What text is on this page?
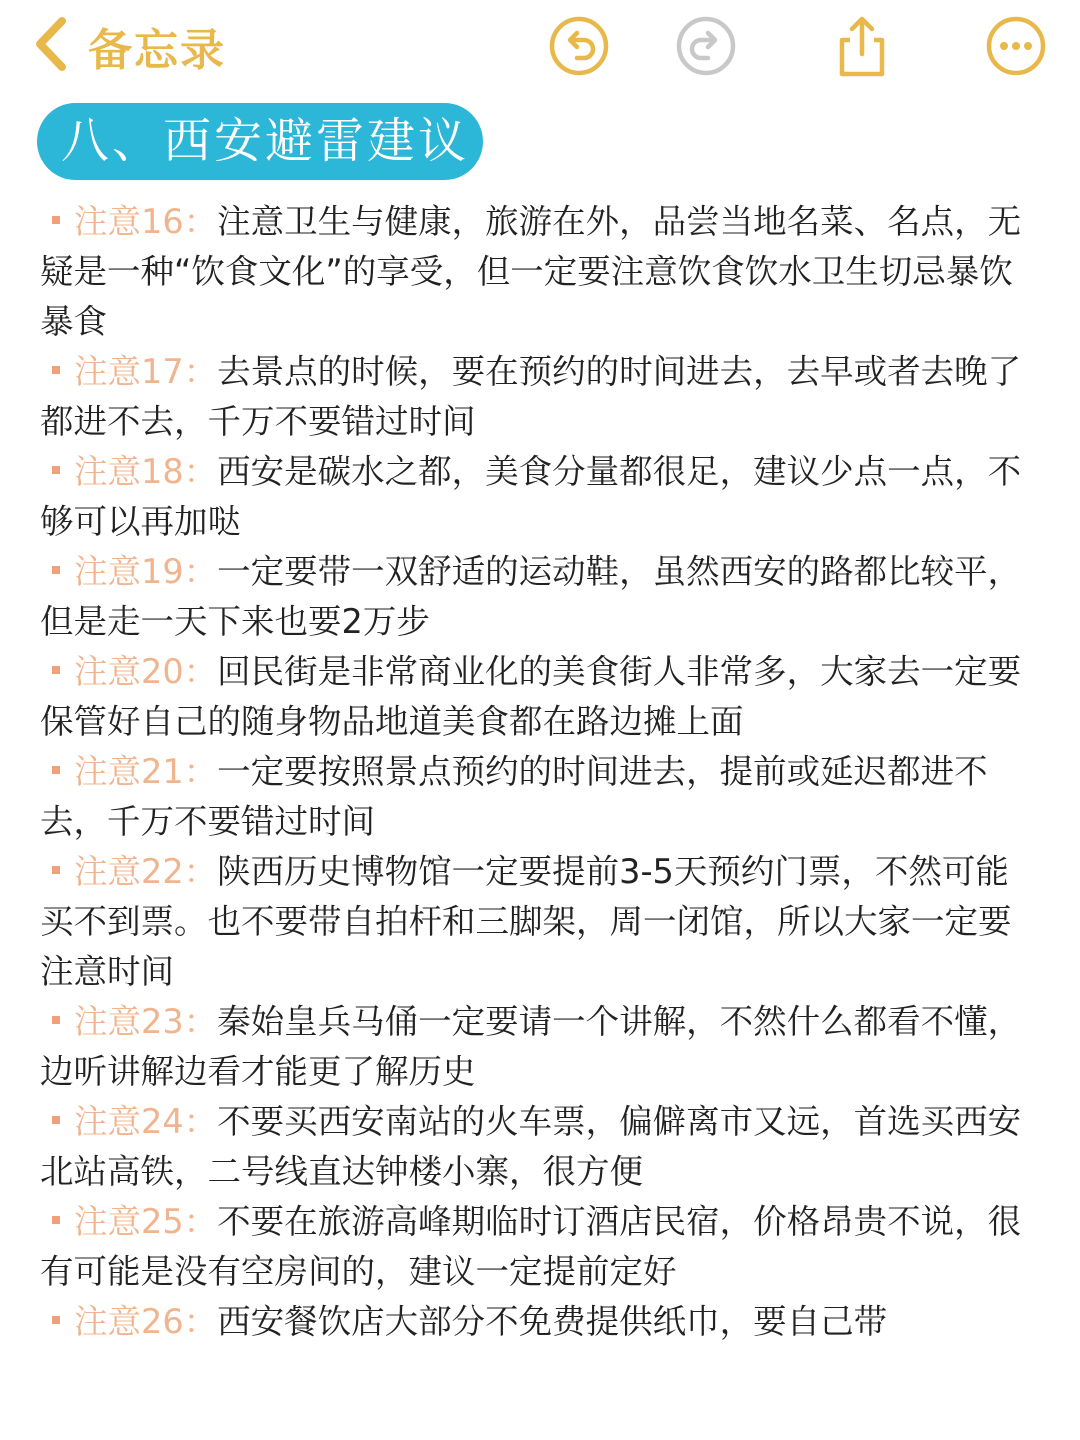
备忘录
八、西安避雷建议
注意16：注意卫生与健康，旅游在外，品尝当地名菜、名点，无疑是一种“饮食文化”的享受，但一定要注意饮食饮水卫生切忌暴饮暴食
注意17：去景点的时候，要在预约的时间进去，去早或者去晚了都进不去，千万不要错过时间
注意18：西安是碳水之都，美食分量都很足，建议少点一点，不够可以再加哒
注意19：一定要带一双舒适的运动鞋，虽然西安的路都比较平，但是走一天下来也要2万步
注意20：回民街是非常商业化的美食街人非常多，大家去一定要保管好自己的随身物品地道美食都在路边摊上面
注意21：一定要按照景点预约的时间进去，提前或延迟都进不去，千万不要错过时间
注意22：陕西历史博物馆一定要提前3-5天预约门票，不然可能买不到票。也不要带自拍杆和三脚架，周一闭馆，所以大家一定要注意时间
注意23：秦始皇兵马俑一定要请一个讲解，不然什么都看不懂，边听讲解边看才能更了解历史
注意24：不要买西安南站的火车票，偏僻离市又远，首选买西安北站高铁，二号线直达钟楼小寨，很方便
注意25：不要在旅游高峰期临时订酒店民宿，价格昂贵不说，很有可能是没有空房间的，建议一定提前定好
注意26：西安餐饮店大部分不免费提供纸巾，要自己带
